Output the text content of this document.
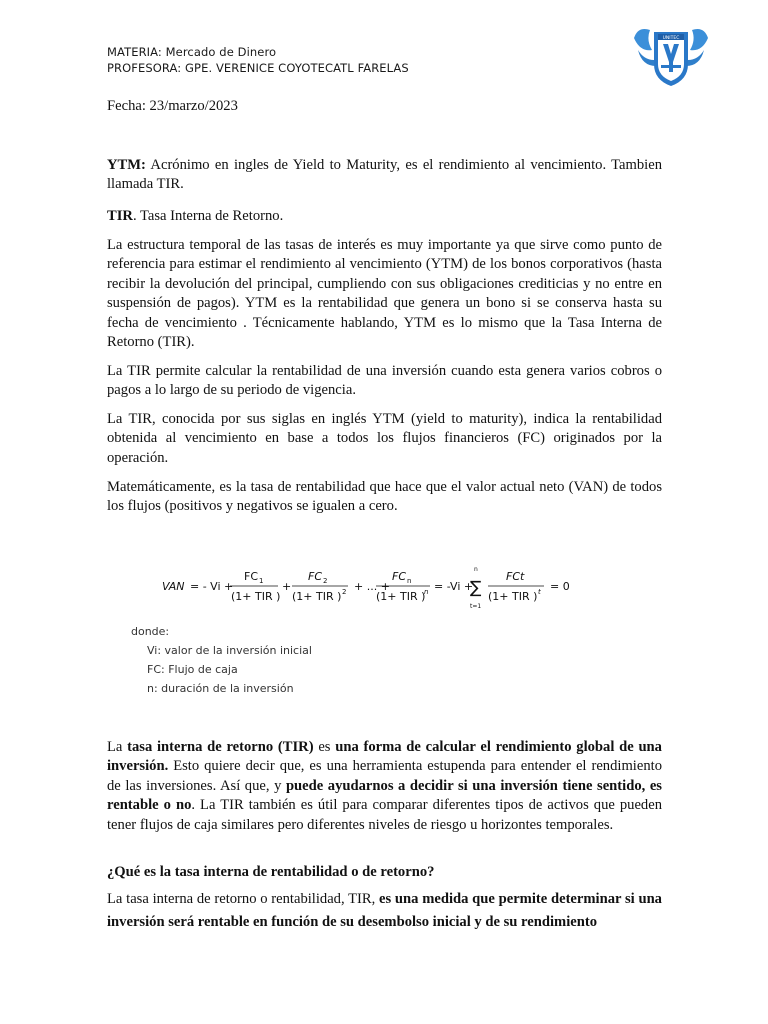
MATERIA: Mercado de Dinero
PROFESORA: GPE. VERENICE COYOTECATL FARELAS
UNITEC
Fecha: 23/marzo/2023

YTM: Acrónimo en ingles de Yield to Maturity, es el rendimiento al vencimiento. Tambien llamada TIR.

TIR. Tasa Interna de Retorno.

La estructura temporal de las tasas de interés es muy importante ya que sirve como punto de referencia para estimar el rendimiento al vencimiento (YTM) de los bonos corporativos (hasta recibir la devolución del principal, cumpliendo con sus obligaciones crediticias y no entre en suspensión de pagos). YTM es la rentabilidad que genera un bono si se conserva hasta su fecha de vencimiento . Técnicamente hablando, YTM es lo mismo que la Tasa Interna de Retorno (TIR).

La TIR permite calcular la rentabilidad de una inversión cuando esta genera varios cobros o pagos a lo largo de su periodo de vigencia.

La TIR, conocida por sus siglas en inglés YTM (yield to maturity), indica la rentabilidad obtenida al vencimiento en base a todos los flujos financieros (FC) originados por la operación.

Matemáticamente, es la tasa de rentabilidad que hace que el valor actual neto (VAN) de todos los flujos (positivos y negativos se igualen a cero.

VAN = - Vi +
FC 1
(1+ TIR )
+
FC 2
(1+ TIR ) 2 + ... +
FC n
(1+ TIR )
n = -Vi +
n
∑
t=1
FCt
(1+ TIR ) t = 0
donde:
Vi: valor de la inversión inicial
FC: Flujo de caja
n: duración de la inversión

La tasa interna de retorno (TIR) es una forma de calcular el rendimiento global de una inversión. Esto quiere decir que, es una herramienta estupenda para entender el rendimiento de las inversiones. Así que, y puede ayudarnos a decidir si una inversión tiene sentido, es rentable o no. La TIR también es útil para comparar diferentes tipos de activos que pueden tener flujos de caja similares pero diferentes niveles de riesgo u horizontes temporales.

¿Qué es la tasa interna de rentabilidad o de retorno?

La tasa interna de retorno o rentabilidad, TIR, es una medida que permite determinar si una inversión será rentable en función de su desembolso inicial y de su rendimiento
